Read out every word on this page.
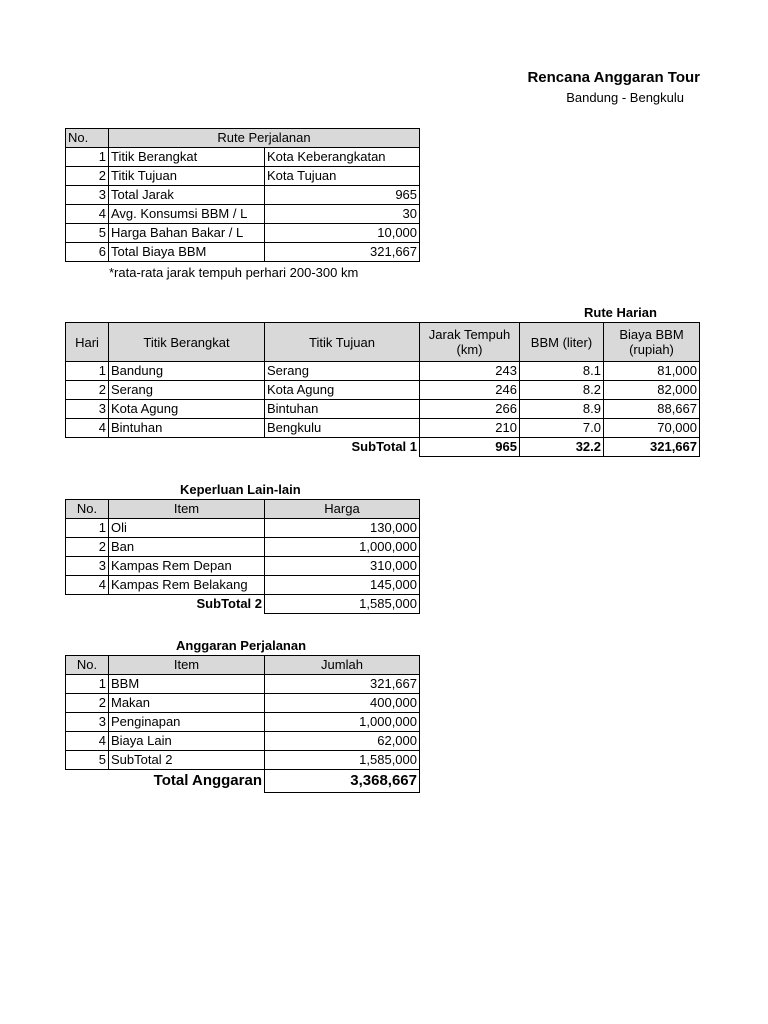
Rencana Anggaran Tour
Bandung - Bengkulu
No.	Rute Perjalanan	
1	Titik Berangkat	Kota Keberangkatan
2	Titik Tujuan	Kota Tujuan
3	Total Jarak	965
4	Avg. Konsumsi BBM / L	30
5	Harga Bahan Bakar / L	10,000
6	Total Biaya BBM	321,667
*rata-rata jarak tempuh perhari 200-300 km
Rute Harian
Hari	Titik Berangkat	Titik Tujuan	Jarak Tempuh (km)	BBM (liter)	Biaya BBM (rupiah)
1	Bandung	Serang	243	8.1	81,000
2	Serang	Kota Agung	246	8.2	82,000
3	Kota Agung	Bintuhan	266	8.9	88,667
4	Bintuhan	Bengkulu	210	7.0	70,000
		SubTotal 1	965	32.2	321,667
Keperluan Lain-lain
No.	Item	Harga
1	Oli	130,000
2	Ban	1,000,000
3	Kampas Rem Depan	310,000
4	Kampas Rem Belakang	145,000
	SubTotal 2	1,585,000
Anggaran Perjalanan
No.	Item	Jumlah
1	BBM	321,667
2	Makan	400,000
3	Penginapan	1,000,000
4	Biaya Lain	62,000
5	SubTotal 2	1,585,000
	Total Anggaran	3,368,667
